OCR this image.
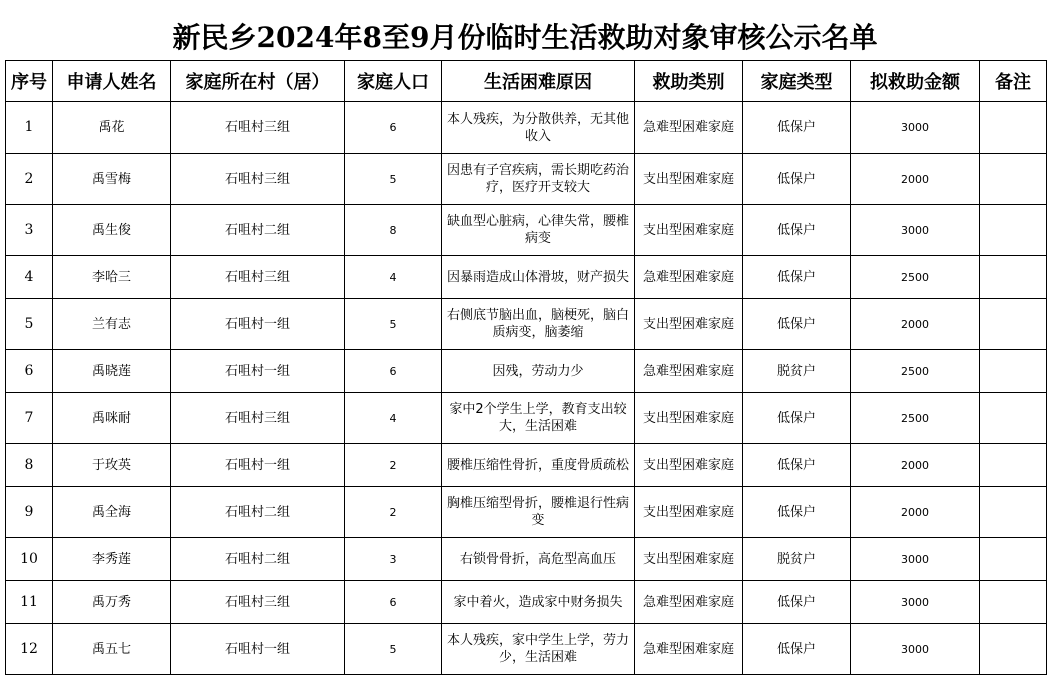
新民乡2024年8至9月份临时生活救助对象审核公示名单
序号	申请人姓名	家庭所在村（居）	家庭人口	生活困难原因	救助类别	家庭类型	拟救助金额	备注
1	禹花	石咀村三组	6	本人残疾，为分散供养，无其他收入	急难型困难家庭	低保户	3000	
2	禹雪梅	石咀村三组	5	因患有子宫疾病，需长期吃药治疗，医疗开支较大	支出型困难家庭	低保户	2000	
3	禹生俊	石咀村二组	8	缺血型心脏病，心律失常，腰椎病变	支出型困难家庭	低保户	3000	
4	李哈三	石咀村三组	4	因暴雨造成山体滑坡，财产损失	急难型困难家庭	低保户	2500	
5	兰有志	石咀村一组	5	右侧底节脑出血，脑梗死，脑白质病变，脑萎缩	支出型困难家庭	低保户	2000	
6	禹晓莲	石咀村一组	6	因残，劳动力少	急难型困难家庭	脱贫户	2500	
7	禹咪耐	石咀村三组	4	家中2个学生上学，教育支出较大，生活困难	支出型困难家庭	低保户	2500	
8	于玫英	石咀村一组	2	腰椎压缩性骨折，重度骨质疏松	支出型困难家庭	低保户	2000	
9	禹全海	石咀村二组	2	胸椎压缩型骨折，腰椎退行性病变	支出型困难家庭	低保户	2000	
10	李秀莲	石咀村二组	3	右锁骨骨折，高危型高血压	支出型困难家庭	脱贫户	3000	
11	禹万秀	石咀村三组	6	家中着火，造成家中财务损失	急难型困难家庭	低保户	3000	
12	禹五七	石咀村一组	5	本人残疾，家中学生上学，劳力少，生活困难	急难型困难家庭	低保户	3000	
